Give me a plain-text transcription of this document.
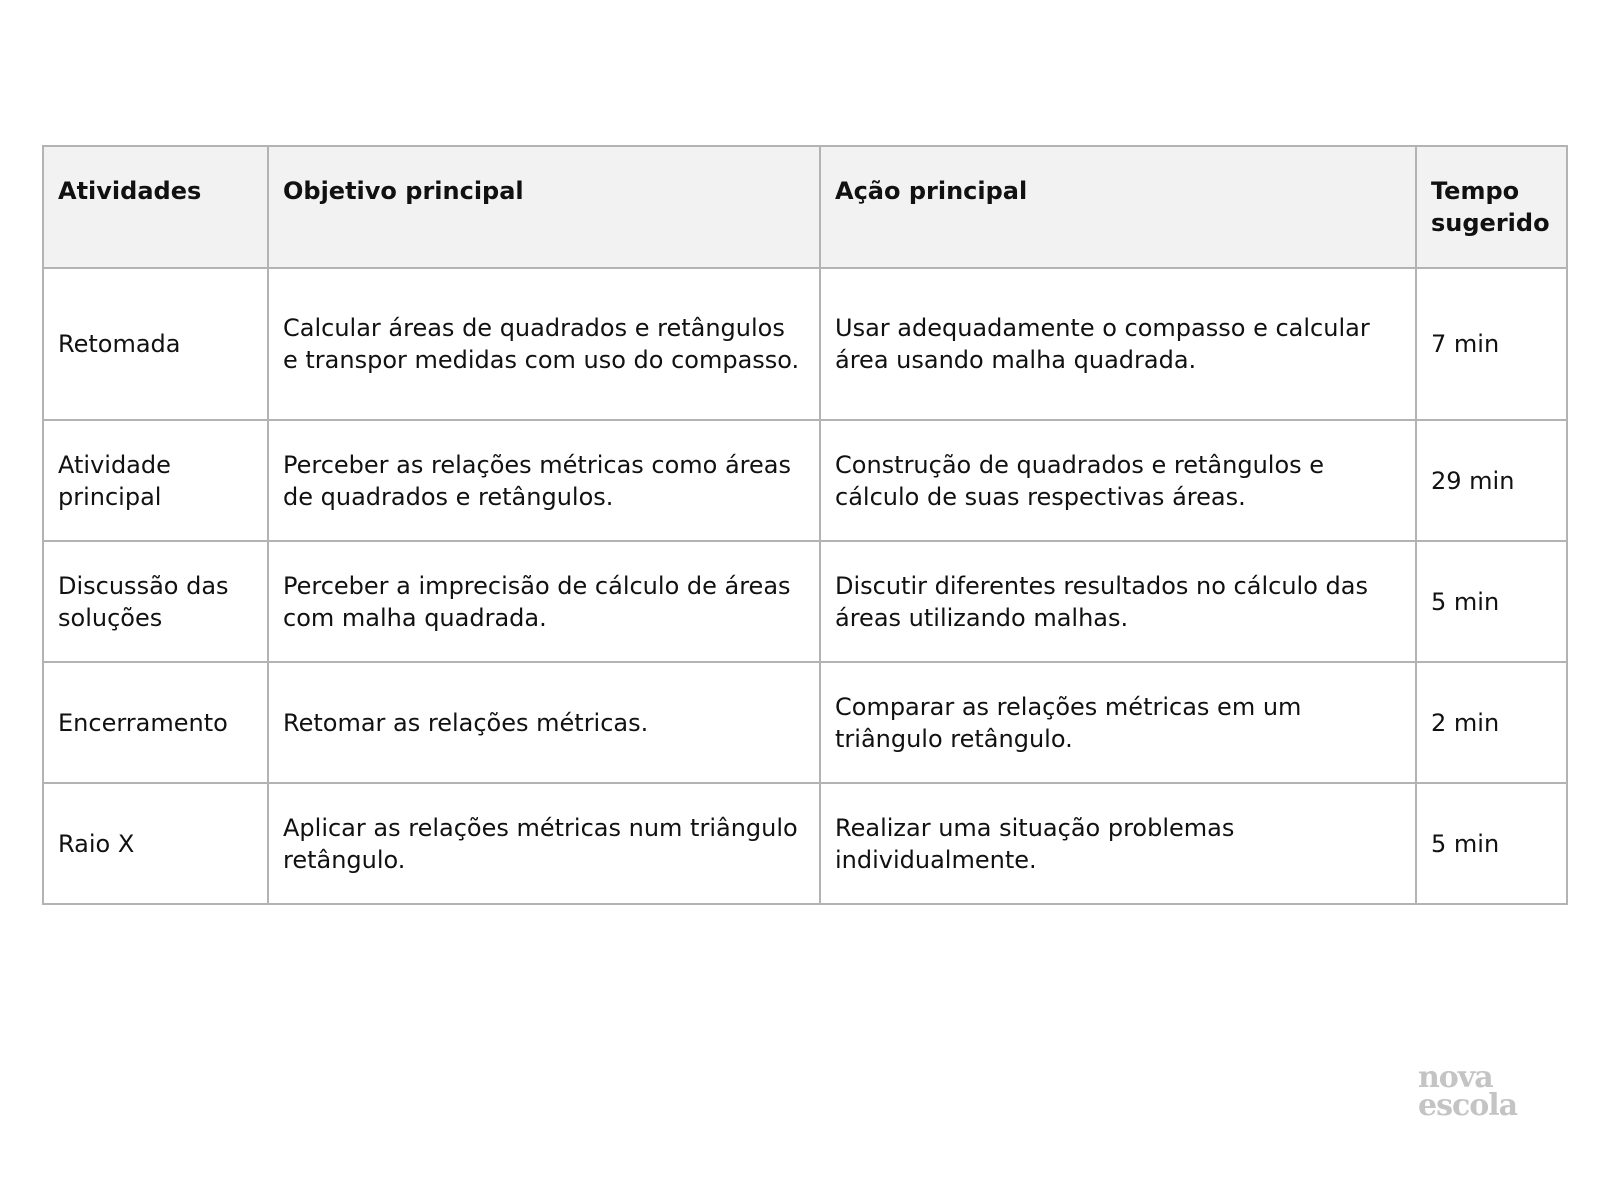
Atividades	Objetivo principal	Ação principal	Tempo sugerido
Retomada	Calcular áreas de quadrados e retângulos e transpor medidas com uso do compasso.	Usar adequadamente o compasso e calcular área usando malha quadrada.	7 min
Atividade principal	Perceber as relações métricas como áreas de quadrados e retângulos.	Construção de quadrados e retângulos e cálculo de suas respectivas áreas.	29 min
Discussão das soluções	Perceber a imprecisão de cálculo de áreas com malha quadrada.	Discutir diferentes resultados no cálculo das áreas utilizando malhas.	5 min
Encerramento	Retomar as relações métricas.	Comparar as relações métricas em um triângulo retângulo.	2 min
Raio X	Aplicar as relações métricas num triângulo retângulo.	Realizar uma situação problemas individualmente.	5 min
nova
escola
